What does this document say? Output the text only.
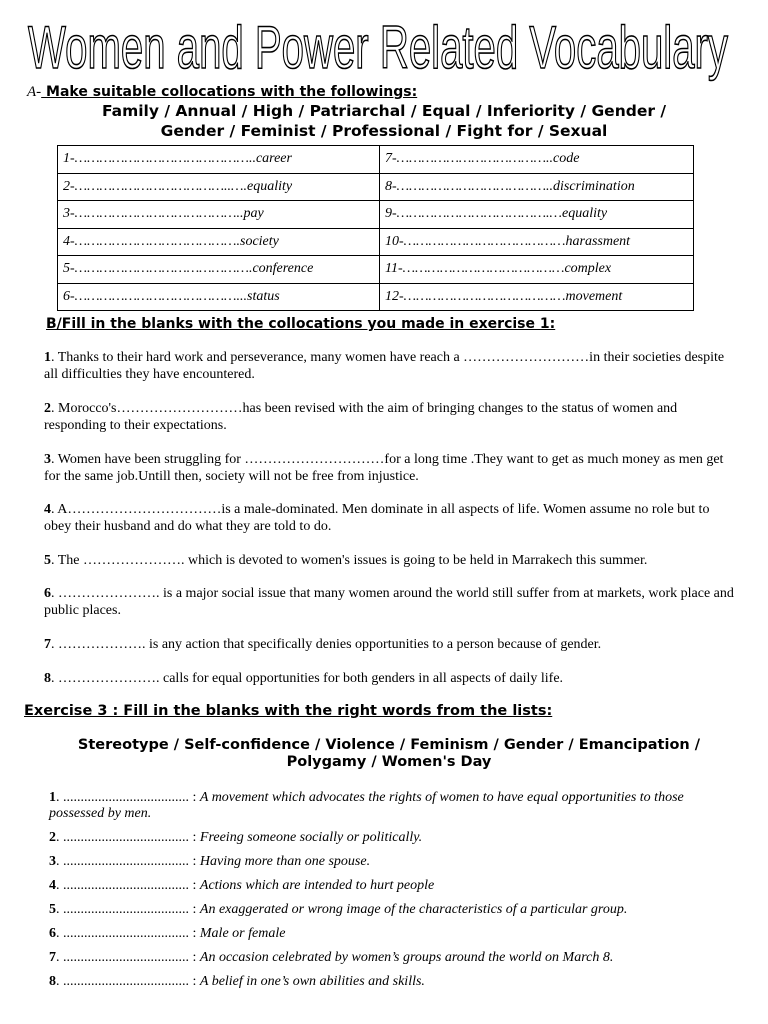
Women and Power Related Vocabulary
A- Make suitable collocations with the followings:
Family / Annual / High / Patriarchal / Equal / Inferiority / Gender /
Gender / Feminist / Professional / Fight for / Sexual
1-……………………………………..career	7-………………………………..code
2-………………………………..….equality	8-………………………………..discrimination
3-…………………………………..pay	9-……………………………….…equality
4-………………………………….society	10-…………………………………harassment
5-…………………………………….conference	11-…………………………………complex
6-…………………………………...status	12-…………………………………movement
B/Fill in the blanks with the collocations you made in exercise 1:
1. Thanks to their hard work and perseverance, many women have reach a ………………………in their societies despite all difficulties they have encountered.
2. Morocco's………………………has been revised with the aim of bringing changes to the status of women and responding to their expectations.
3. Women have been struggling for …………………………for a long time .They want to get as much money as men get for the same job.Untill then, society will not be free from injustice.
4. A……………………………is a male-dominated. Men dominate in all aspects of life. Women assume no role but to obey their husband and do what they are told to do.
5. The …………………. which is devoted to women's issues is going to be held in Marrakech this summer.
6. …………………. is a major social issue that many women around the world still suffer from at markets, work place and public places.
7. ………………. is any action that specifically denies opportunities to a person because of gender.
8. …………………. calls for equal opportunities for both genders in all aspects of daily life.
Exercise 3 : Fill in the blanks with the right words from the lists:
Stereotype / Self-confidence / Violence / Feminism / Gender / Emancipation /
Polygamy / Women's Day
1. .................................... : A movement which advocates the rights of women to have equal opportunities to those possessed by men.
2. .................................... : Freeing someone socially or politically.
3. .................................... : Having more than one spouse.
4. .................................... : Actions which are intended to hurt people
5. .................................... : An exaggerated or wrong image of the characteristics of a particular group.
6. .................................... : Male or female
7. .................................... : An occasion celebrated by women’s groups around the world on March 8.
8. .................................... : A belief in one’s own abilities and skills.
